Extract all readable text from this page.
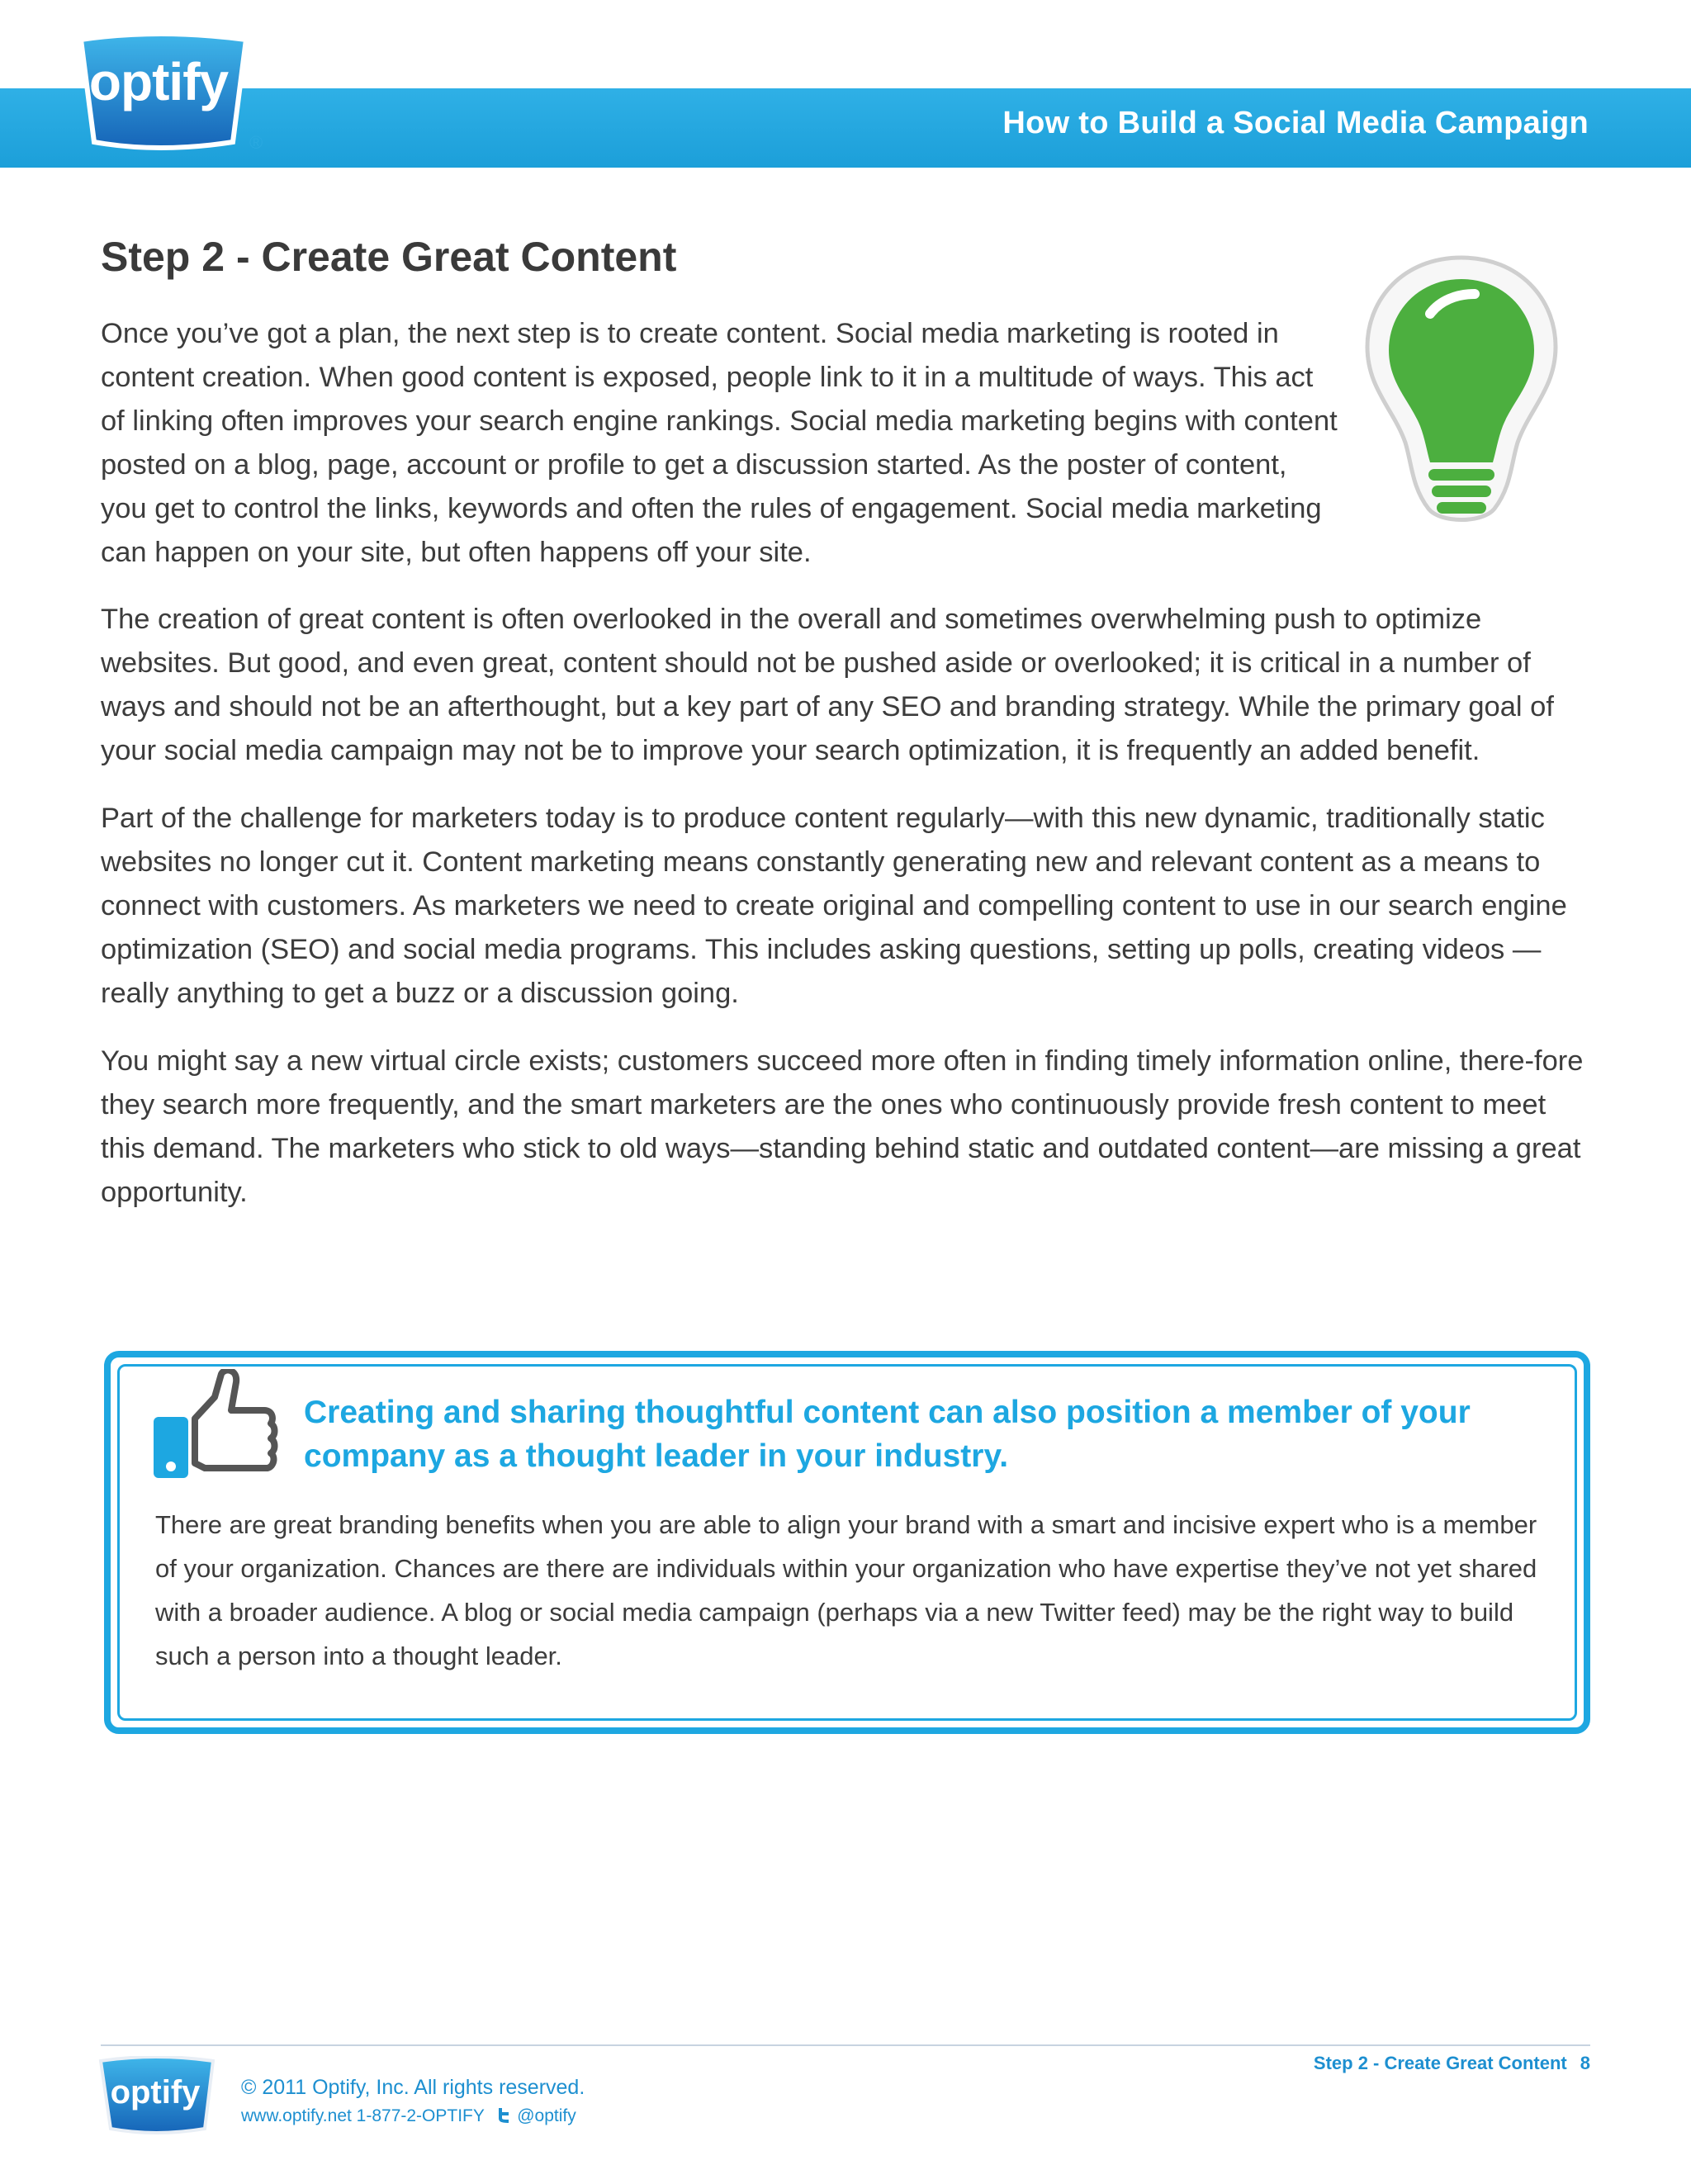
optify
®
How to Build a Social Media Campaign
Step 2 - Create Great Content

Once you’ve got a plan, the next step is to create content. Social media marketing is rooted in content creation. When good content is exposed, people link to it in a multitude of ways. This act of linking often improves your search engine rankings. Social media marketing begins with content posted on a blog, page, account or profile to get a discussion started. As the poster of content, you get to control the links, keywords and often the rules of engagement. Social media marketing can happen on your site, but often happens off your site.

The creation of great content is often overlooked in the overall and sometimes overwhelming push to optimize websites. But good, and even great, content should not be pushed aside or overlooked; it is critical in a number of ways and should not be an afterthought, but a key part of any SEO and branding strategy. While the primary goal of your social media campaign may not be to improve your search optimization, it is frequently an added benefit.

Part of the challenge for marketers today is to produce content regularly—with this new dynamic, traditionally static websites no longer cut it. Content marketing means constantly generating new and relevant content as a means to connect with customers. As marketers we need to create original and compelling content to use in our search engine optimization (SEO) and social media programs. This includes asking questions, setting up polls, creating videos —really anything to get a buzz or a discussion going.

You might say a new virtual circle exists; customers succeed more often in finding timely information online, there-fore they search more frequently, and the smart marketers are the ones who continuously provide fresh content to meet this demand. The marketers who stick to old ways—standing behind static and outdated content—are missing a great opportunity.

Creating and sharing thoughtful content can also position a member of your company as a thought leader in your industry.

There are great branding benefits when you are able to align your brand with a smart and incisive expert who is a member of your organization. Chances are there are individuals within your organization who have expertise they’ve not yet shared with a broader audience. A blog or social media campaign (perhaps via a new Twitter feed) may be the right way to build such a person into a thought leader.

Step 2 - Create Great Content 8
optify	© 2011 Optify, Inc. All rights reserved.
www.optify.net 1-877-2-OPTIFY @optify
